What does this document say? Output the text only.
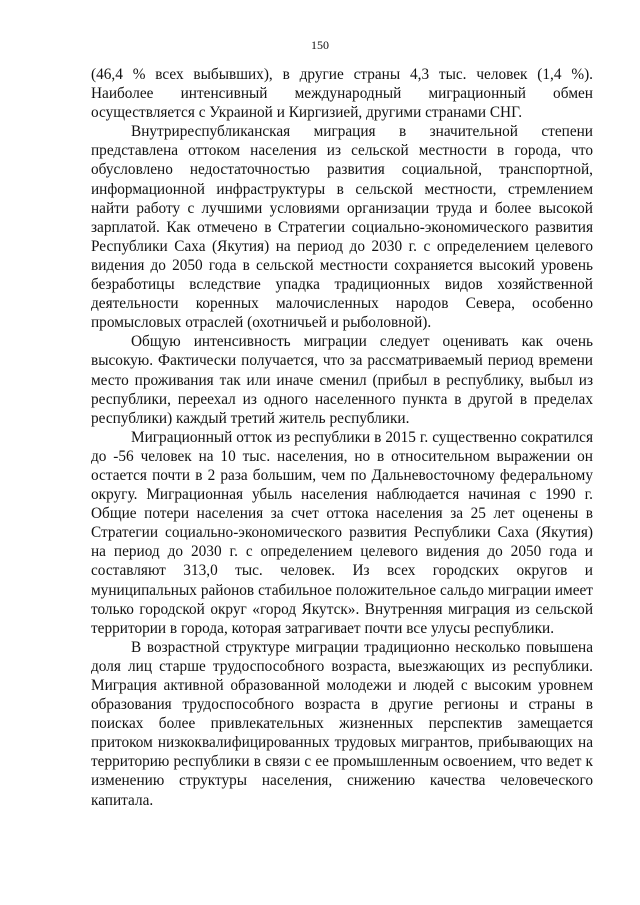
150

(46,4 % всех выбывших), в другие страны 4,3 тыс. человек (1,4 %). Наиболее интенсивный международный миграционный обмен осуществляется с Украиной и Киргизией, другими странами СНГ.

Внутриреспубликанская миграция в значительной степени представлена оттоком населения из сельской местности в города, что обусловлено недостаточностью развития социальной, транспортной, информационной инфраструктуры в сельской местности, стремлением найти работу с лучшими условиями организации труда и более высокой зарплатой. Как отмечено в Стратегии социально-экономического развития Республики Саха (Якутия) на период до 2030 г. с определением целевого видения до 2050 года в сельской местности сохраняется высокий уровень безработицы вследствие упадка традиционных видов хозяйственной деятельности коренных малочисленных народов Севера, особенно промысловых отраслей (охотничьей и рыболовной).

Общую интенсивность миграции следует оценивать как очень высокую. Фактически получается, что за рассматриваемый период времени место проживания так или иначе сменил (прибыл в республику, выбыл из республики, переехал из одного населенного пункта в другой в пределах республики) каждый третий житель республики.

Миграционный отток из республики в 2015 г. существенно сократился до -56 человек на 10 тыс. населения, но в относительном выражении он остается почти в 2 раза большим, чем по Дальневосточному федеральному округу. Миграционная убыль населения наблюдается начиная с 1990 г. Общие потери населения за счет оттока населения за 25 лет оценены в Стратегии социально-экономического развития Республики Саха (Якутия) на период до 2030 г. с определением целевого видения до 2050 года и составляют 313,0 тыс. человек. Из всех городских округов и муниципальных районов стабильное положительное сальдо миграции имеет только городской округ «город Якутск». Внутренняя миграция из сельской территории в города, которая затрагивает почти все улусы республики.

В возрастной структуре миграции традиционно несколько повышена доля лиц старше трудоспособного возраста, выезжающих из республики. Миграция активной образованной молодежи и людей с высоким уровнем образования трудоспособного возраста в другие регионы и страны в поисках более привлекательных жизненных перспектив замещается притоком низкоквалифицированных трудовых мигрантов, прибывающих на территорию республики в связи с ее промышленным освоением, что ведет к изменению структуры населения, снижению качества человеческого капитала.
